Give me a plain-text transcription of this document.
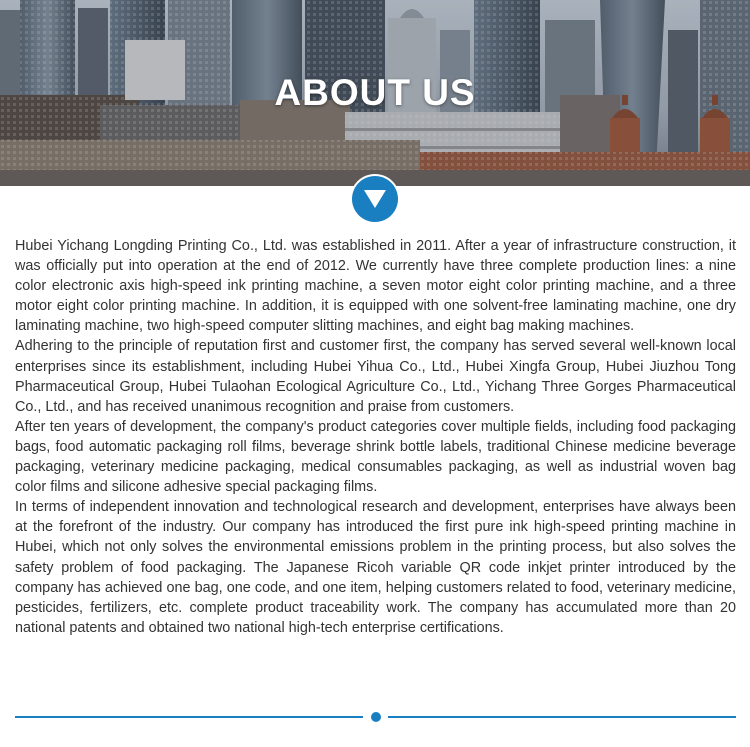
ABOUT US

Hubei Yichang Longding Printing Co., Ltd. was established in 2011. After a year of infrastructure construction, it was officially put into operation at the end of 2012. We currently have three complete production lines: a nine color electronic axis high-speed ink printing machine, a seven motor eight color printing machine, and a three motor eight color printing machine. In addition, it is equipped with one solvent-free laminating machine, one dry laminating machine, two high-speed computer slitting machines, and eight bag making machines.

Adhering to the principle of reputation first and customer first, the company has served several well-known local enterprises since its establishment, including Hubei Yihua Co., Ltd., Hubei Xingfa Group, Hubei Jiuzhou Tong Pharmaceutical Group, Hubei Tulaohan Ecological Agriculture Co., Ltd., Yichang Three Gorges Pharmaceutical Co., Ltd., and has received unanimous recognition and praise from customers.

After ten years of development, the company's product categories cover multiple fields, including food packaging bags, food automatic packaging roll films, beverage shrink bottle labels, traditional Chinese medicine beverage packaging, veterinary medicine packaging, medical consumables packaging, as well as industrial woven bag color films and silicone adhesive special packaging films.

In terms of independent innovation and technological research and development, enterprises have always been at the forefront of the industry. Our company has introduced the first pure ink high-speed printing machine in Hubei, which not only solves the environmental emissions problem in the printing process, but also solves the safety problem of food packaging. The Japanese Ricoh variable QR code inkjet printer introduced by the company has achieved one bag, one code, and one item, helping customers related to food, veterinary medicine, pesticides, fertilizers, etc. complete product traceability work. The company has accumulated more than 20 national patents and obtained two national high-tech enterprise certifications.
